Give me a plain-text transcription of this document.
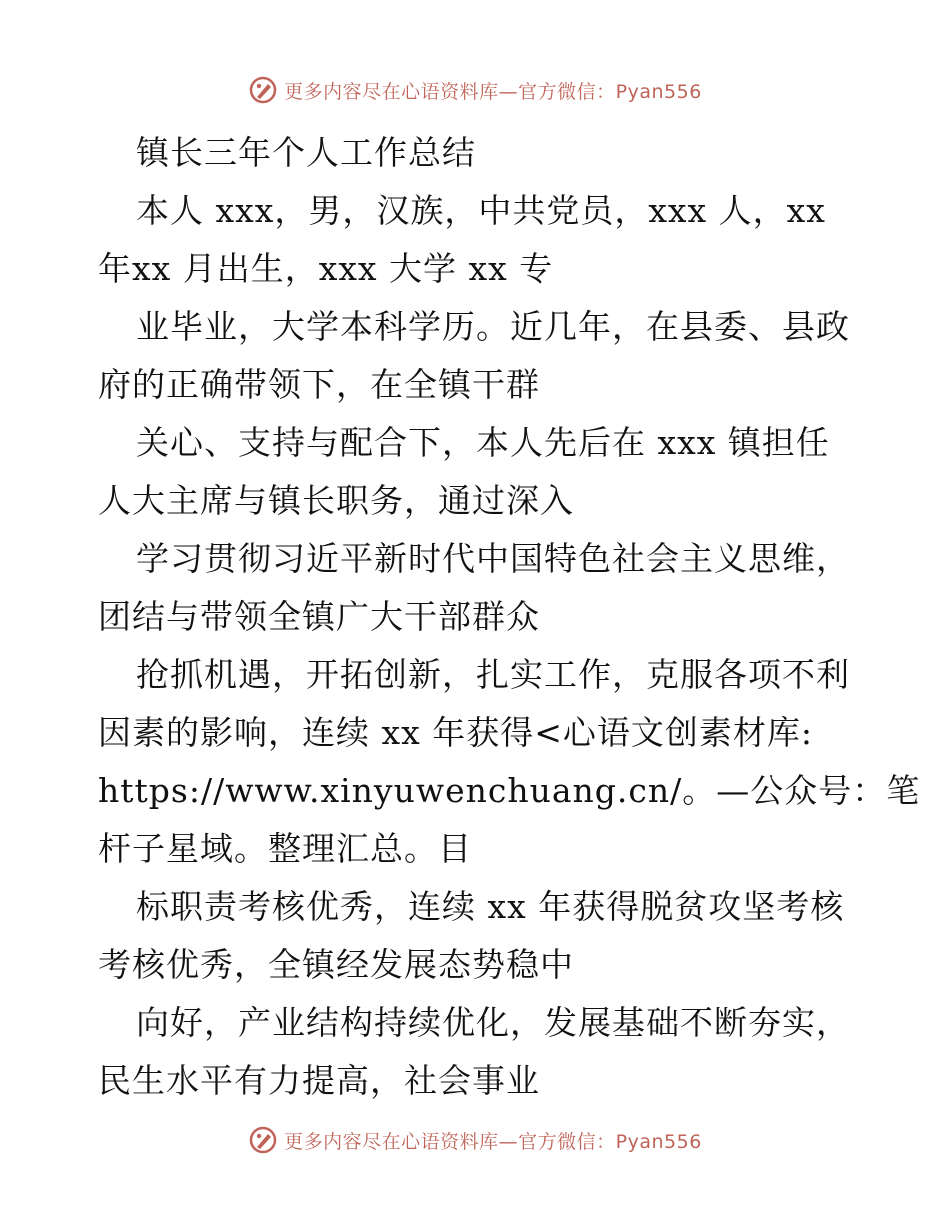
更多内容尽在心语资料库—官方微信：Pyan556
镇长三年个人工作总结
本人 xxx，男，汉族，中共党员，xxx 人，xx
年xx 月出生，xxx 大学 xx 专
业毕业，大学本科学历。近几年，在县委、县政
府的正确带领下，在全镇干群
关心、支持与配合下，本人先后在 xxx 镇担任
人大主席与镇长职务，通过深入
学习贯彻习近平新时代中国特色社会主义思维，
团结与带领全镇广大干部群众
抢抓机遇，开拓创新，扎实工作，克服各项不利
因素的影响，连续 xx 年获得<心语文创素材库:
https://www.xinyuwenchuang.cn/。—公众号：笔
杆子星域。整理汇总。目
标职责考核优秀，连续 xx 年获得脱贫攻坚考核
考核优秀，全镇经发展态势稳中
向好，产业结构持续优化，发展基础不断夯实，
民生水平有力提高，社会事业
更多内容尽在心语资料库—官方微信：Pyan556
